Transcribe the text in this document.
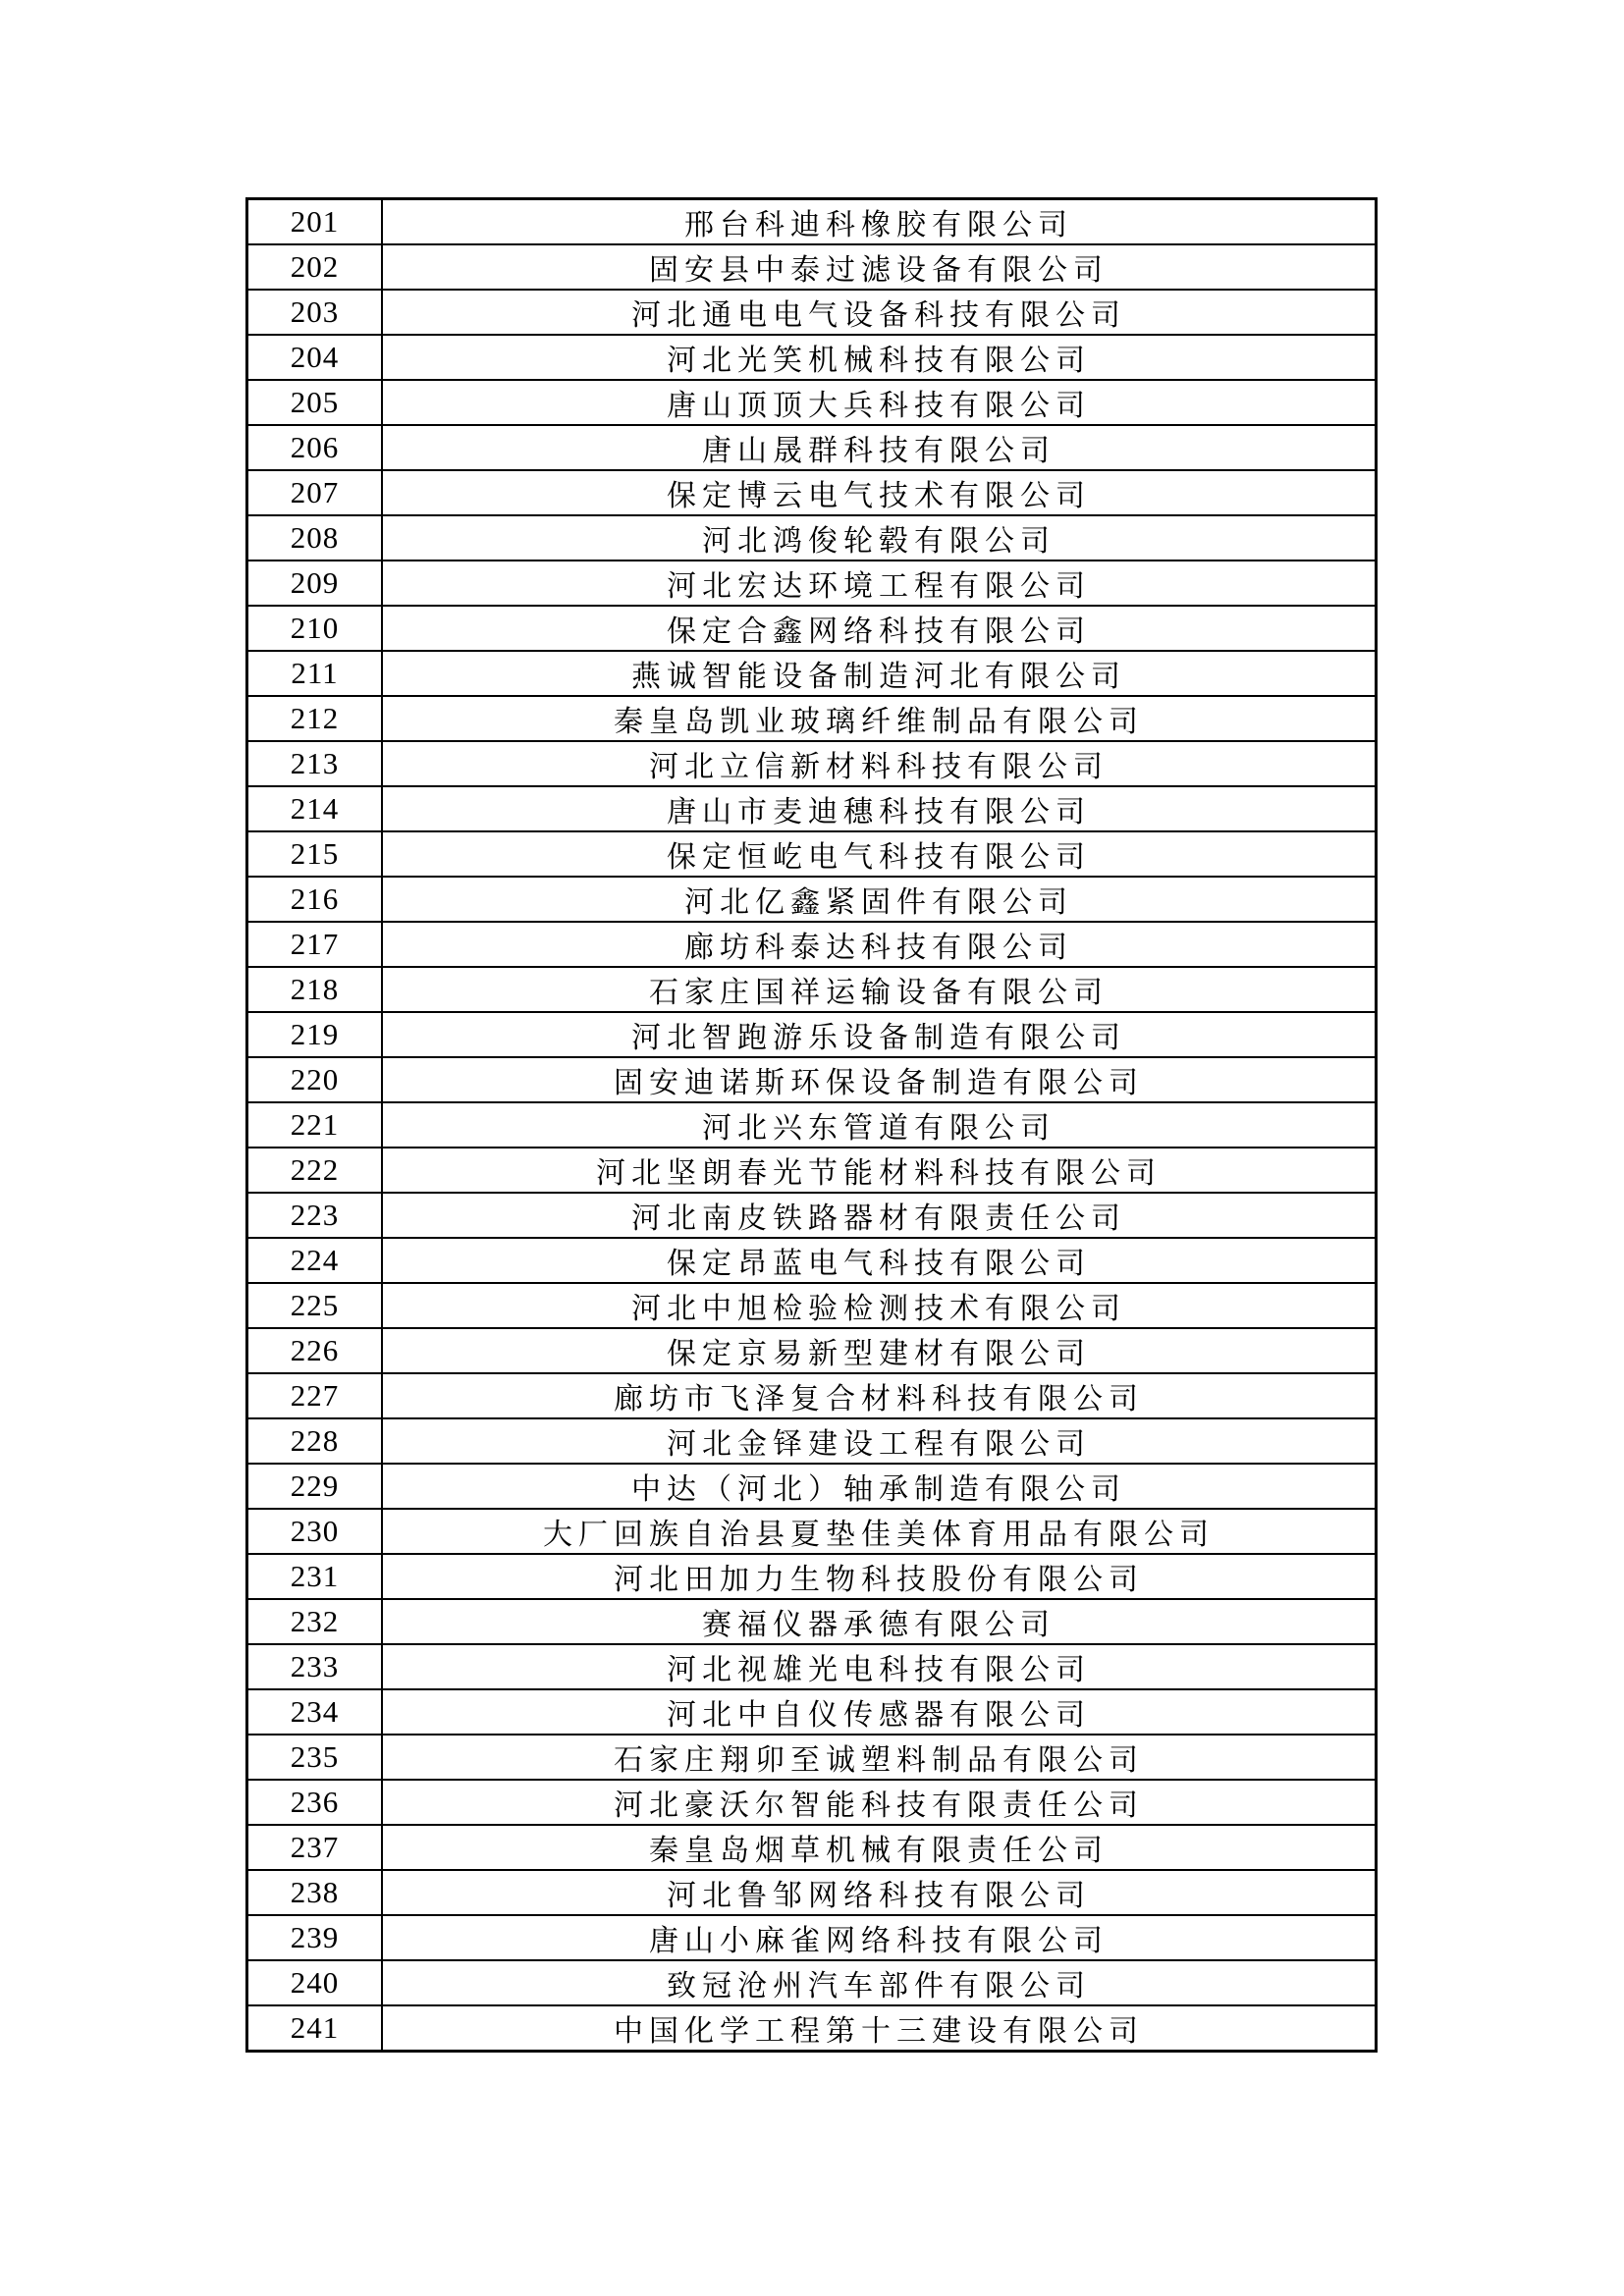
201	邢台科迪科橡胶有限公司
202	固安县中泰过滤设备有限公司
203	河北通电电气设备科技有限公司
204	河北光笑机械科技有限公司
205	唐山顶顶大兵科技有限公司
206	唐山晟群科技有限公司
207	保定博云电气技术有限公司
208	河北鸿俊轮毂有限公司
209	河北宏达环境工程有限公司
210	保定合鑫网络科技有限公司
211	燕诚智能设备制造河北有限公司
212	秦皇岛凯业玻璃纤维制品有限公司
213	河北立信新材料科技有限公司
214	唐山市麦迪穗科技有限公司
215	保定恒屹电气科技有限公司
216	河北亿鑫紧固件有限公司
217	廊坊科泰达科技有限公司
218	石家庄国祥运输设备有限公司
219	河北智跑游乐设备制造有限公司
220	固安迪诺斯环保设备制造有限公司
221	河北兴东管道有限公司
222	河北坚朗春光节能材料科技有限公司
223	河北南皮铁路器材有限责任公司
224	保定昂蓝电气科技有限公司
225	河北中旭检验检测技术有限公司
226	保定京易新型建材有限公司
227	廊坊市飞泽复合材料科技有限公司
228	河北金铎建设工程有限公司
229	中达（河北）轴承制造有限公司
230	大厂回族自治县夏垫佳美体育用品有限公司
231	河北田加力生物科技股份有限公司
232	赛福仪器承德有限公司
233	河北视雄光电科技有限公司
234	河北中自仪传感器有限公司
235	石家庄翔卯至诚塑料制品有限公司
236	河北豪沃尔智能科技有限责任公司
237	秦皇岛烟草机械有限责任公司
238	河北鲁邹网络科技有限公司
239	唐山小麻雀网络科技有限公司
240	致冠沧州汽车部件有限公司
241	中国化学工程第十三建设有限公司
